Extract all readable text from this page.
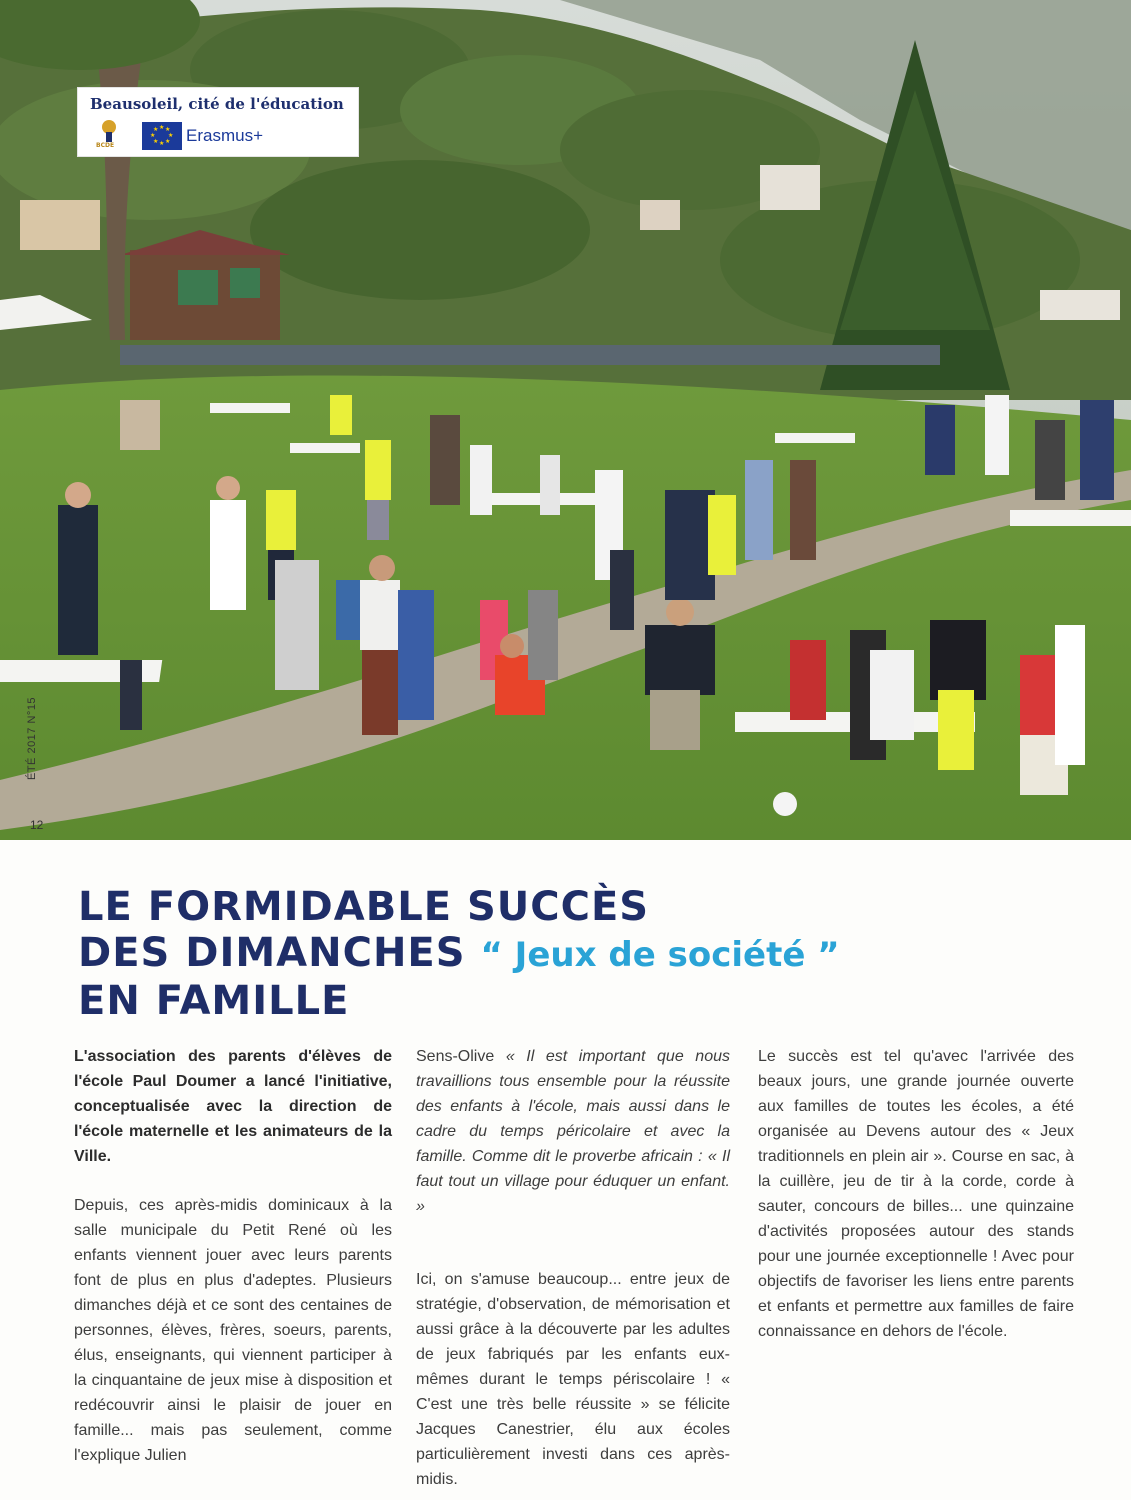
Beausoleil, cité de l'éducation
BCDE
★ ★
★
★
★
★
★
★ Erasmus+
ÉTÉ 2017 N°15
12
LE FORMIDABLE SUCCÈS
DES DIMANCHES “ Jeux de société ”
EN FAMILLE

L'association des parents d'élèves de l'école Paul Doumer a lancé l'initiative, conceptualisée avec la direction de l'école maternelle et les animateurs de la Ville.

Depuis, ces après-midis dominicaux à la salle municipale du Petit René où les enfants viennent jouer avec leurs parents font de plus en plus d'adeptes. Plusieurs dimanches déjà et ce sont des centaines de personnes, élèves, frères, soeurs, parents, élus, enseignants, qui viennent participer à la cinquantaine de jeux mise à disposition et redécouvrir ainsi le plaisir de jouer en famille... mais pas seulement, comme l'explique Julien

Sens-Olive « Il est important que nous travaillions tous ensemble pour la réussite des enfants à l'école, mais aussi dans le cadre du temps péricolaire et avec la famille. Comme dit le proverbe africain : « Il faut tout un village pour éduquer un enfant. »

Ici, on s'amuse beaucoup... entre jeux de stratégie, d'observation, de mémorisation et aussi grâce à la découverte par les adultes de jeux fabriqués par les enfants eux-mêmes durant le temps périscolaire ! « C'est une très belle réussite » se félicite Jacques Canestrier, élu aux écoles particulièrement investi dans ces après-midis.

Le succès est tel qu'avec l'arrivée des beaux jours, une grande journée ouverte aux familles de toutes les écoles, a été organisée au Devens autour des « Jeux traditionnels en plein air ». Course en sac, à la cuillère, jeu de tir à la corde, corde à sauter, concours de billes... une quinzaine d'activités proposées autour des stands pour une journée exceptionnelle ! Avec pour objectifs de favoriser les liens entre parents et enfants et permettre aux familles de faire connaissance en dehors de l'école.
